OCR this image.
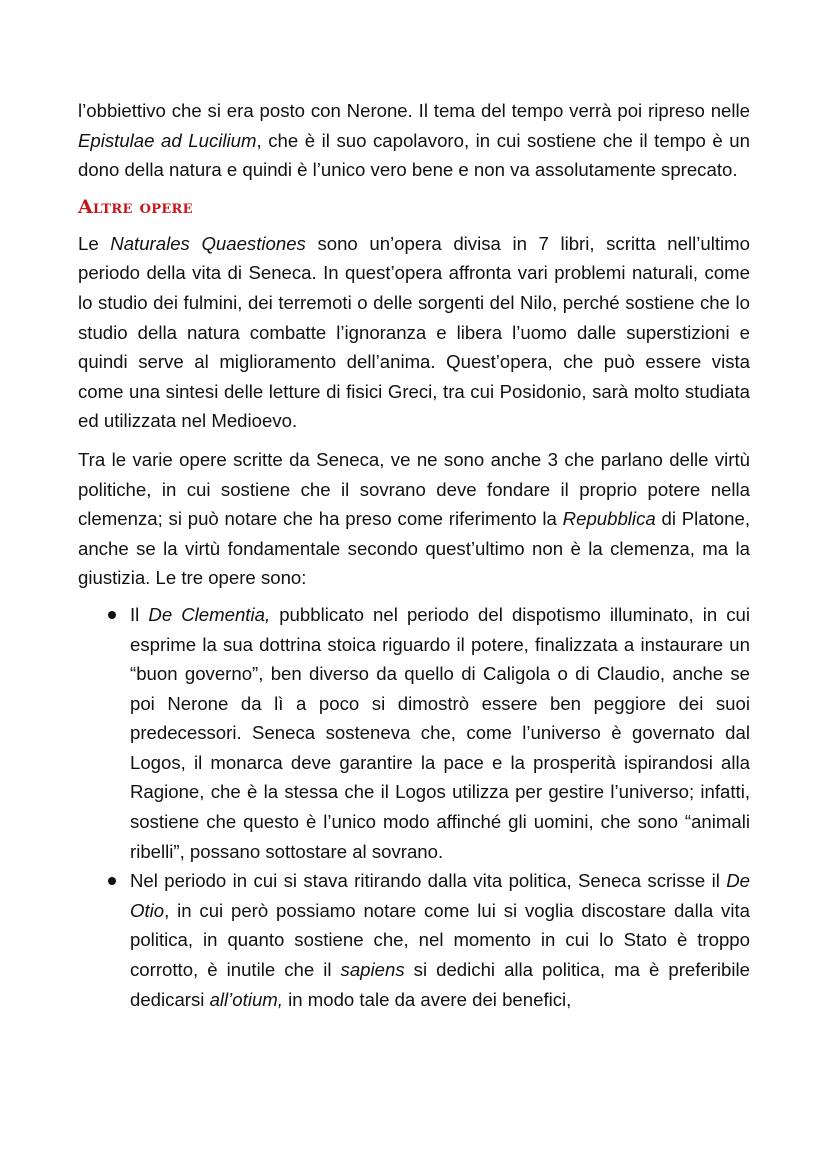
l’obbiettivo che si era posto con Nerone. Il tema del tempo verrà poi ripreso nelle Epistulae ad Lucilium, che è il suo capolavoro, in cui sostiene che il tempo è un dono della natura e quindi è l’unico vero bene e non va assolutamente sprecato.

Altre opere

Le Naturales Quaestiones sono un’opera divisa in 7 libri, scritta nell’ultimo periodo della vita di Seneca. In quest’opera affronta vari problemi naturali, come lo studio dei fulmini, dei terremoti o delle sorgenti del Nilo, perché sostiene che lo studio della natura combatte l’ignoranza e libera l’uomo dalle superstizioni e quindi serve al miglioramento dell’anima. Quest’opera, che può essere vista come una sintesi delle letture di fisici Greci, tra cui Posidonio, sarà molto studiata ed utilizzata nel Medioevo.

Tra le varie opere scritte da Seneca, ve ne sono anche 3 che parlano delle virtù politiche, in cui sostiene che il sovrano deve fondare il proprio potere nella clemenza; si può notare che ha preso come riferimento la Repubblica di Platone, anche se la virtù fondamentale secondo quest’ultimo non è la clemenza, ma la giustizia. Le tre opere sono:

Il De Clementia, pubblicato nel periodo del dispotismo illuminato, in cui esprime la sua dottrina stoica riguardo il potere, finalizzata a instaurare un “buon governo”, ben diverso da quello di Caligola o di Claudio, anche se poi Nerone da lì a poco si dimostrò essere ben peggiore dei suoi predecessori. Seneca sosteneva che, come l’universo è governato dal Logos, il monarca deve garantire la pace e la prosperità ispirandosi alla Ragione, che è la stessa che il Logos utilizza per gestire l’universo; infatti, sostiene che questo è l’unico modo affinché gli uomini, che sono “animali ribelli”, possano sottostare al sovrano.
Nel periodo in cui si stava ritirando dalla vita politica, Seneca scrisse il De Otio, in cui però possiamo notare come lui si voglia discostare dalla vita politica, in quanto sostiene che, nel momento in cui lo Stato è troppo corrotto, è inutile che il sapiens si dedichi alla politica, ma è preferibile dedicarsi all’otium, in modo tale da avere dei benefici,
